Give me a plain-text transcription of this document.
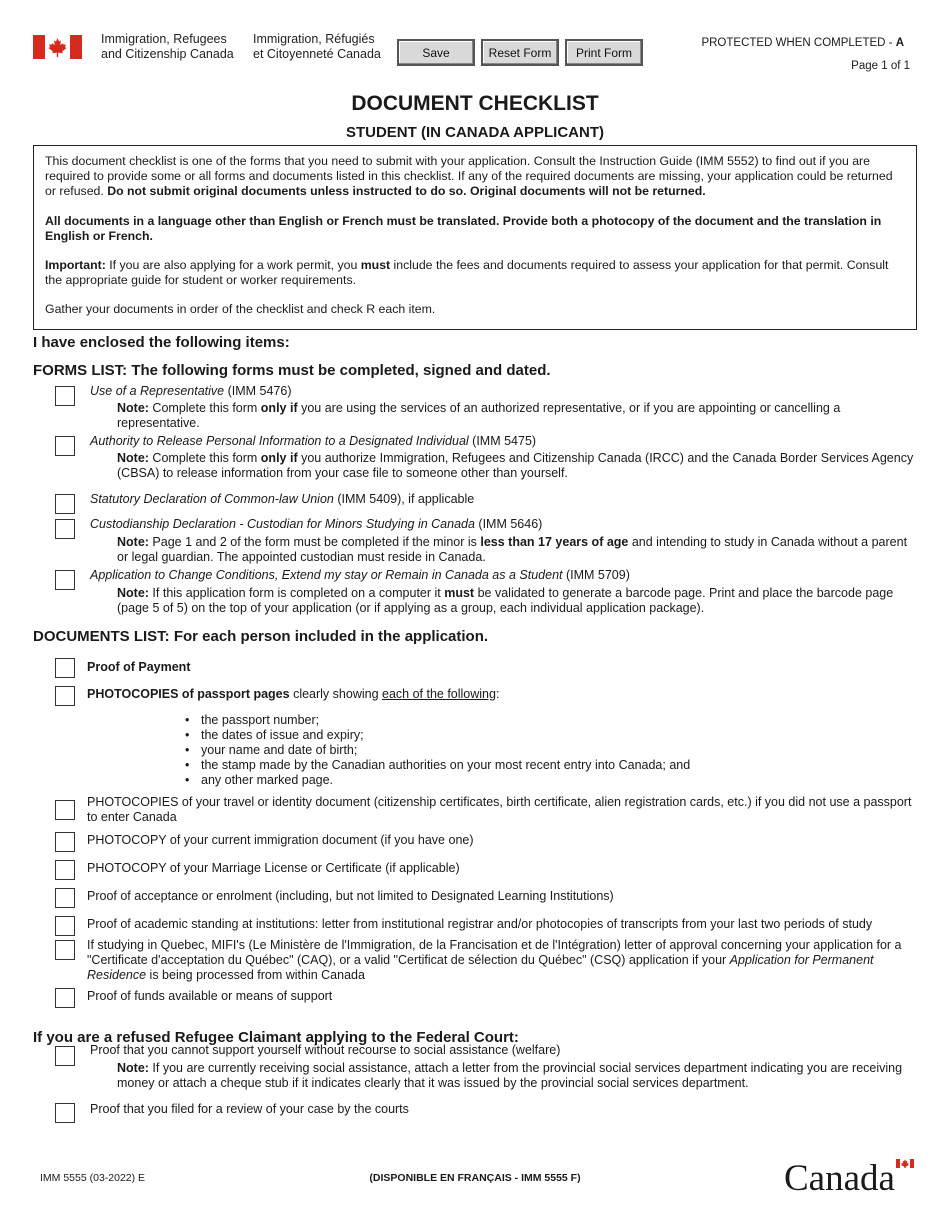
Immigration, Refugees
and Citizenship Canada
Immigration, Réfugiés
et Citoyenneté Canada	Save	Reset Form	Print Form
PROTECTED WHEN COMPLETED - A
Page 1 of 1
DOCUMENT CHECKLIST
STUDENT (IN CANADA APPLICANT)

This document checklist is one of the forms that you need to submit with your application. Consult the Instruction Guide (IMM 5552) to find out if you are required to provide some or all forms and documents listed in this checklist. If any of the required documents are missing, your application could be returned or refused. Do not submit original documents unless instructed to do so. Original documents will not be returned.

All documents in a language other than English or French must be translated. Provide both a photocopy of the document and the translation in English or French.

Important: If you are also applying for a work permit, you must include the fees and documents required to assess your application for that permit. Consult the appropriate guide for student or worker requirements.

Gather your documents in order of the checklist and check R each item.

I have enclosed the following items:
FORMS LIST: The following forms must be completed, signed and dated.
Use of a Representative (IMM 5476)
Note: Complete this form only if you are using the services of an authorized representative, or if you are appointing or cancelling a representative.
Authority to Release Personal Information to a Designated Individual (IMM 5475)
Note: Complete this form only if you authorize Immigration, Refugees and Citizenship Canada (IRCC) and the Canada Border Services Agency (CBSA) to release information from your case file to someone other than yourself.
Statutory Declaration of Common-law Union (IMM 5409), if applicable
Custodianship Declaration - Custodian for Minors Studying in Canada (IMM 5646)
Note: Page 1 and 2 of the form must be completed if the minor is less than 17 years of age and intending to study in Canada without a parent or legal guardian. The appointed custodian must reside in Canada.
Application to Change Conditions, Extend my stay or Remain in Canada as a Student (IMM 5709)
Note: If this application form is completed on a computer it must be validated to generate a barcode page. Print and place the barcode page (page 5 of 5) on the top of your application (or if applying as a group, each individual application package).
DOCUMENTS LIST: For each person included in the application.
Proof of Payment
PHOTOCOPIES of passport pages clearly showing each of the following:
• the passport number;
• the dates of issue and expiry;
• your name and date of birth;
• the stamp made by the Canadian authorities on your most recent entry into Canada; and
• any other marked page.
PHOTOCOPIES of your travel or identity document (citizenship certificates, birth certificate, alien registration cards, etc.) if you did not use a passport to enter Canada
PHOTOCOPY of your current immigration document (if you have one)
PHOTOCOPY of your Marriage License or Certificate (if applicable)
Proof of acceptance or enrolment (including, but not limited to Designated Learning Institutions)
Proof of academic standing at institutions: letter from institutional registrar and/or photocopies of transcripts from your last two periods of study
If studying in Quebec, MIFI's (Le Ministère de l'Immigration, de la Francisation et de l'Intégration) letter of approval concerning your application for a "Certificate d'acceptation du Québec" (CAQ), or a valid "Certificat de sélection du Québec" (CSQ) application if your Application for Permanent Residence is being processed from within Canada
Proof of funds available or means of support
If you are a refused Refugee Claimant applying to the Federal Court:
Proof that you cannot support yourself without recourse to social assistance (welfare)
Note: If you are currently receiving social assistance, attach a letter from the provincial social services department indicating you are receiving money or attach a cheque stub if it indicates clearly that it was issued by the provincial social services department.
Proof that you filed for a review of your case by the courts
IMM 5555 (03-2022) E	(DISPONIBLE EN FRANÇAIS - IMM 5555 F)	Canada
